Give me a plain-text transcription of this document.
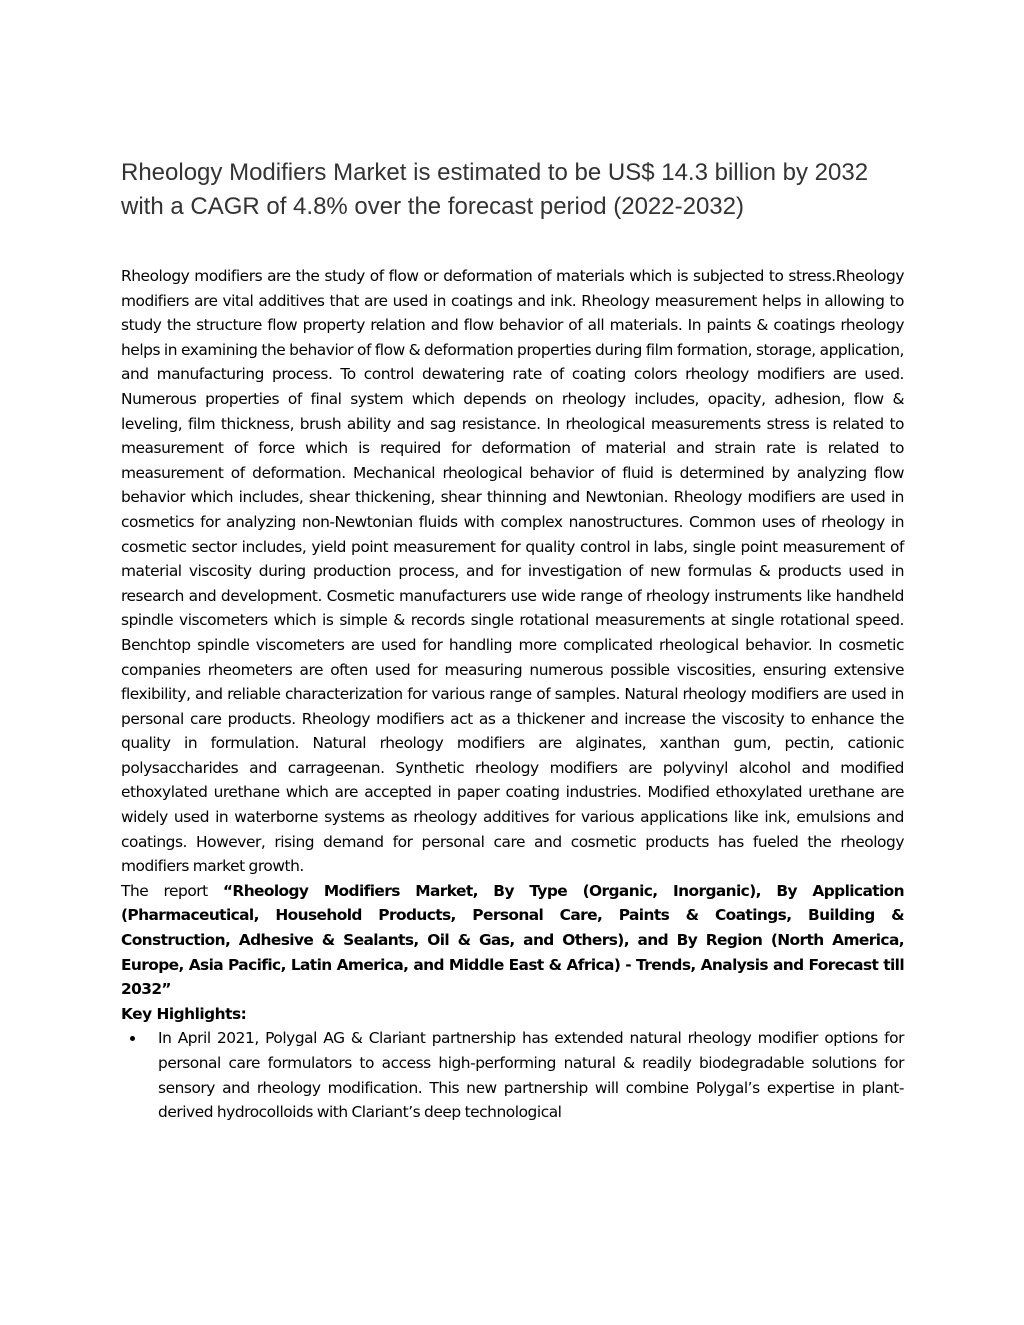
Rheology Modifiers Market is estimated to be US$ 14.3 billion by 2032 with a CAGR of 4.8% over the forecast period (2022-2032)

Rheology modifiers are the study of flow or deformation of materials which is subjected to stress.Rheology modifiers are vital additives that are used in coatings and ink. Rheology measurement helps in allowing to study the structure flow property relation and flow behavior of all materials. In paints & coatings rheology helps in examining the behavior of flow & deformation properties during film formation, storage, application, and manufacturing process. To control dewatering rate of coating colors rheology modifiers are used. Numerous properties of final system which depends on rheology includes, opacity, adhesion, flow & leveling, film thickness, brush ability and sag resistance. In rheological measurements stress is related to measurement of force which is required for deformation of material and strain rate is related to measurement of deformation. Mechanical rheological behavior of fluid is determined by analyzing flow behavior which includes, shear thickening, shear thinning and Newtonian. Rheology modifiers are used in cosmetics for analyzing non-Newtonian fluids with complex nanostructures. Common uses of rheology in cosmetic sector includes, yield point measurement for quality control in labs, single point measurement of material viscosity during production process, and for investigation of new formulas & products used in research and development. Cosmetic manufacturers use wide range of rheology instruments like handheld spindle viscometers which is simple & records single rotational measurements at single rotational speed. Benchtop spindle viscometers are used for handling more complicated rheological behavior. In cosmetic companies rheometers are often used for measuring numerous possible viscosities, ensuring extensive flexibility, and reliable characterization for various range of samples. Natural rheology modifiers are used in personal care products. Rheology modifiers act as a thickener and increase the viscosity to enhance the quality in formulation. Natural rheology modifiers are alginates, xanthan gum, pectin, cationic polysaccharides and carrageenan. Synthetic rheology modifiers are polyvinyl alcohol and modified ethoxylated urethane which are accepted in paper coating industries. Modified ethoxylated urethane are widely used in waterborne systems as rheology additives for various applications like ink, emulsions and coatings. However, rising demand for personal care and cosmetic products has fueled the rheology modifiers market growth.

The report “Rheology Modifiers Market, By Type (Organic, Inorganic), By Application (Pharmaceutical, Household Products, Personal Care, Paints & Coatings, Building & Construction, Adhesive & Sealants, Oil & Gas, and Others), and By Region (North America, Europe, Asia Pacific, Latin America, and Middle East & Africa) - Trends, Analysis and Forecast till 2032”

Key Highlights:

In April 2021, Polygal AG & Clariant partnership has extended natural rheology modifier options for personal care formulators to access high-performing natural & readily biodegradable solutions for sensory and rheology modification. This new partnership will combine Polygal’s expertise in plant-derived hydrocolloids with Clariant’s deep technological
